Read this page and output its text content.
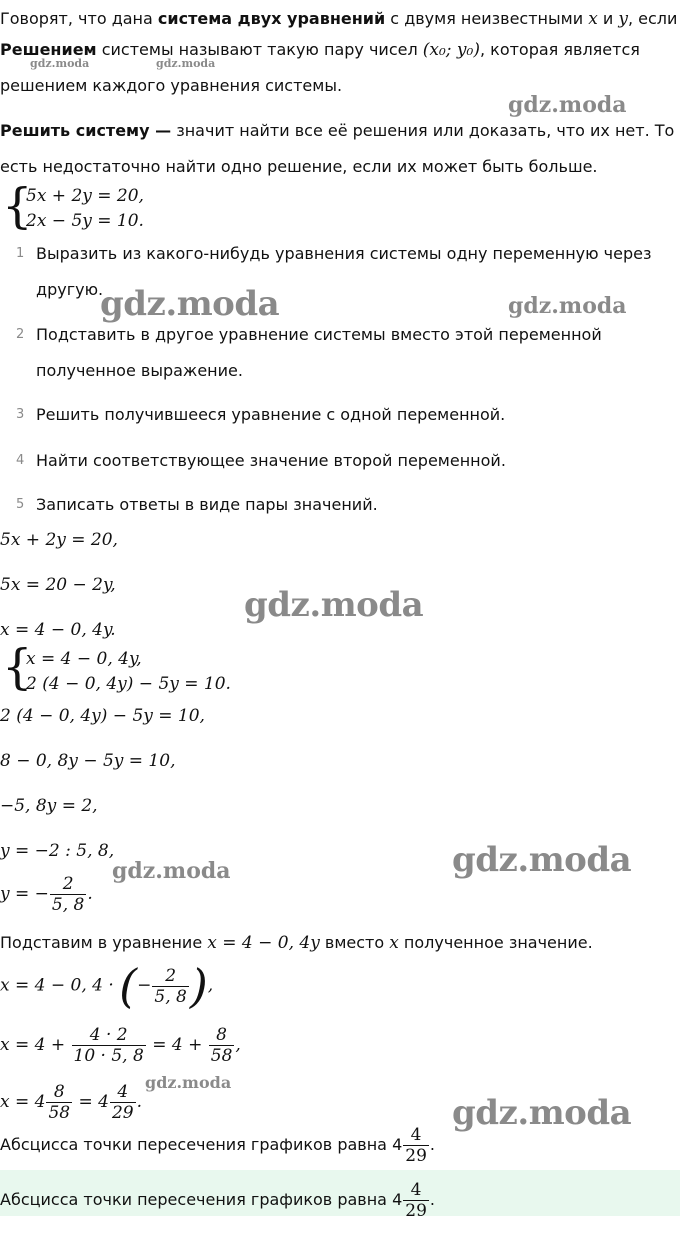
Говорят, что дана система двух уравнений с двумя неизвестными x и y, если
Решением системы называют такую пару чисел (x₀; y₀), которая является
решением каждого уравнения системы.
Решить систему — значит найти все её решения или доказать, что их нет. То
есть недостаточно найти одно решение, если их может быть больше.
{
5x + 2y = 20,
2x − 5y = 10.
1 Выразить из какого-нибудь уравнения системы одну переменную через
другую.
2 Подставить в другое уравнение системы вместо этой переменной
полученное выражение.
3 Решить получившееся уравнение с одной переменной.
4 Найти соответствующее значение второй переменной.
5 Записать ответы в виде пары значений.
5x + 2y = 20,
5x = 20 − 2y,
x = 4 − 0, 4y.
{
x = 4 − 0, 4y,
2 (4 − 0, 4y) − 5y = 10.
2 (4 − 0, 4y) − 5y = 10,
8 − 0, 8y − 5y = 10,
−5, 8y = 2,
y = −2 : 5, 8,
y = − $\frac{2}{5, 8}$ .
Подставим в уравнение x = 4 − 0, 4y вместо x полученное значение.
x = 4 − 0, 4 · (− $\frac{2}{5, 8}$ ),
$x = 4 + \frac{4 \cdot 2}{10 \cdot 5, 8} = 4 + \frac{8}{58}$ ,
$x = 4 \frac{8}{58} = 4 \frac{4}{29}$ .
Абсцисса точки пересечения графиков равна $4 \frac{4}{29}$ .
Абсцисса точки пересечения графиков равна $4 \frac{4}{29}$ .
gdz.moda	gdz.moda
gdz.moda
gdz.moda	gdz.moda
gdz.moda
gdz.moda
gdz.moda
gdz.moda
gdz.moda
